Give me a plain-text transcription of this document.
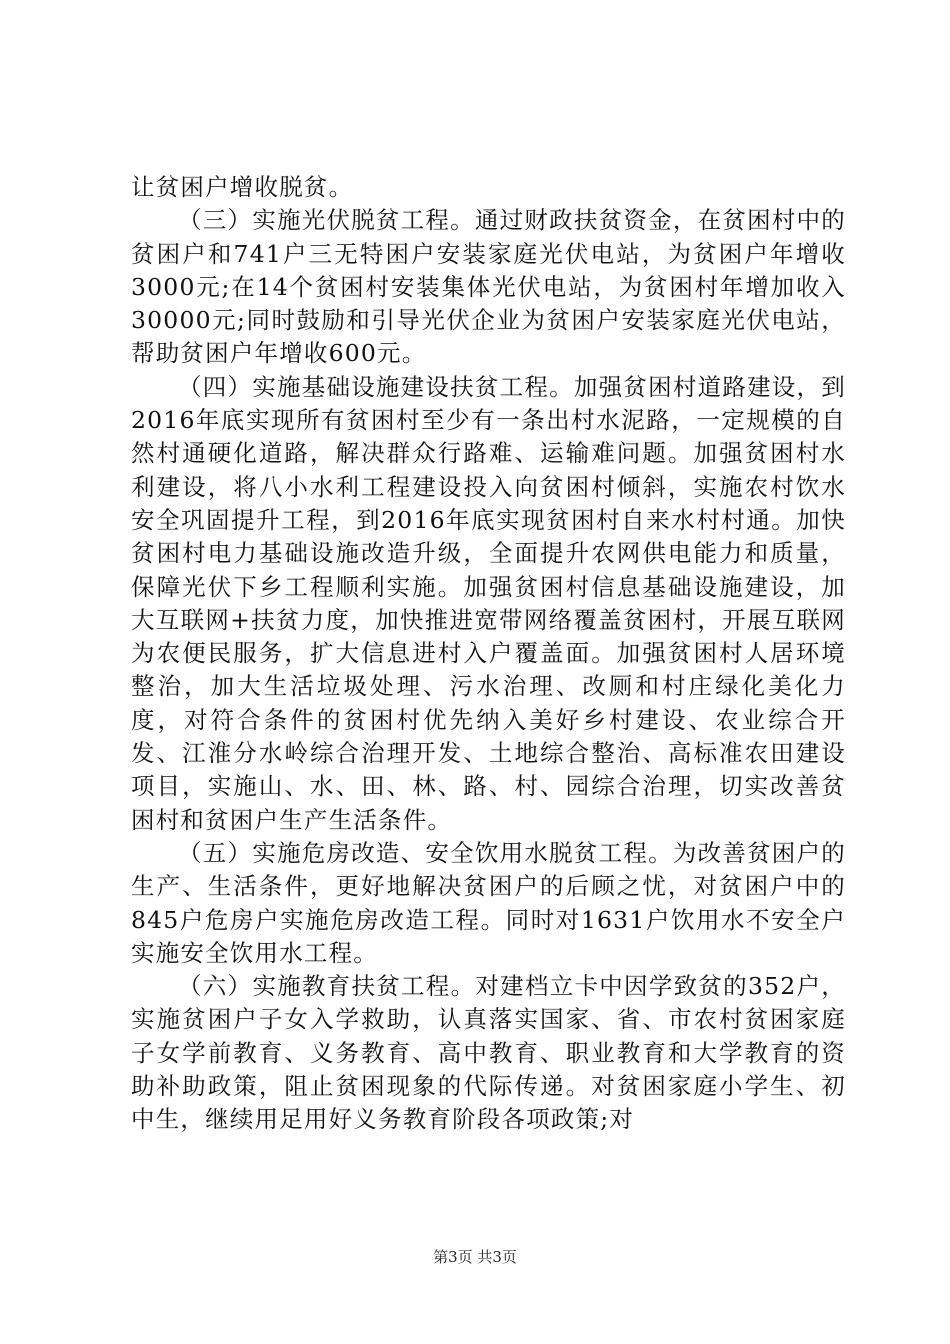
让贫困户增收脱贫。

（三）实施光伏脱贫工程。通过财政扶贫资金，在贫困村中的贫困户和741户三无特困户安装家庭光伏电站，为贫困户年增收3000元;在14个贫困村安装集体光伏电站，为贫困村年增加收入30000元;同时鼓励和引导光伏企业为贫困户安装家庭光伏电站，帮助贫困户年增收600元。

（四）实施基础设施建设扶贫工程。加强贫困村道路建设，到2016年底实现所有贫困村至少有一条出村水泥路，一定规模的自然村通硬化道路，解决群众行路难、运输难问题。加强贫困村水利建设，将八小水利工程建设投入向贫困村倾斜，实施农村饮水安全巩固提升工程，到2016年底实现贫困村自来水村村通。加快贫困村电力基础设施改造升级，全面提升农网供电能力和质量，保障光伏下乡工程顺利实施。加强贫困村信息基础设施建设，加大互联网+扶贫力度，加快推进宽带网络覆盖贫困村，开展互联网为农便民服务，扩大信息进村入户覆盖面。加强贫困村人居环境整治，加大生活垃圾处理、污水治理、改厕和村庄绿化美化力度，对符合条件的贫困村优先纳入美好乡村建设、农业综合开发、江淮分水岭综合治理开发、土地综合整治、高标准农田建设项目，实施山、水、田、林、路、村、园综合治理，切实改善贫困村和贫困户生产生活条件。

（五）实施危房改造、安全饮用水脱贫工程。为改善贫困户的生产、生活条件，更好地解决贫困户的后顾之忧，对贫困户中的845户危房户实施危房改造工程。同时对1631户饮用水不安全户实施安全饮用水工程。

（六）实施教育扶贫工程。对建档立卡中因学致贫的352户，实施贫困户子女入学救助，认真落实国家、省、市农村贫困家庭子女学前教育、义务教育、高中教育、职业教育和大学教育的资助补助政策，阻止贫困现象的代际传递。对贫困家庭小学生、初中生，继续用足用好义务教育阶段各项政策;对

第3页 共3页
